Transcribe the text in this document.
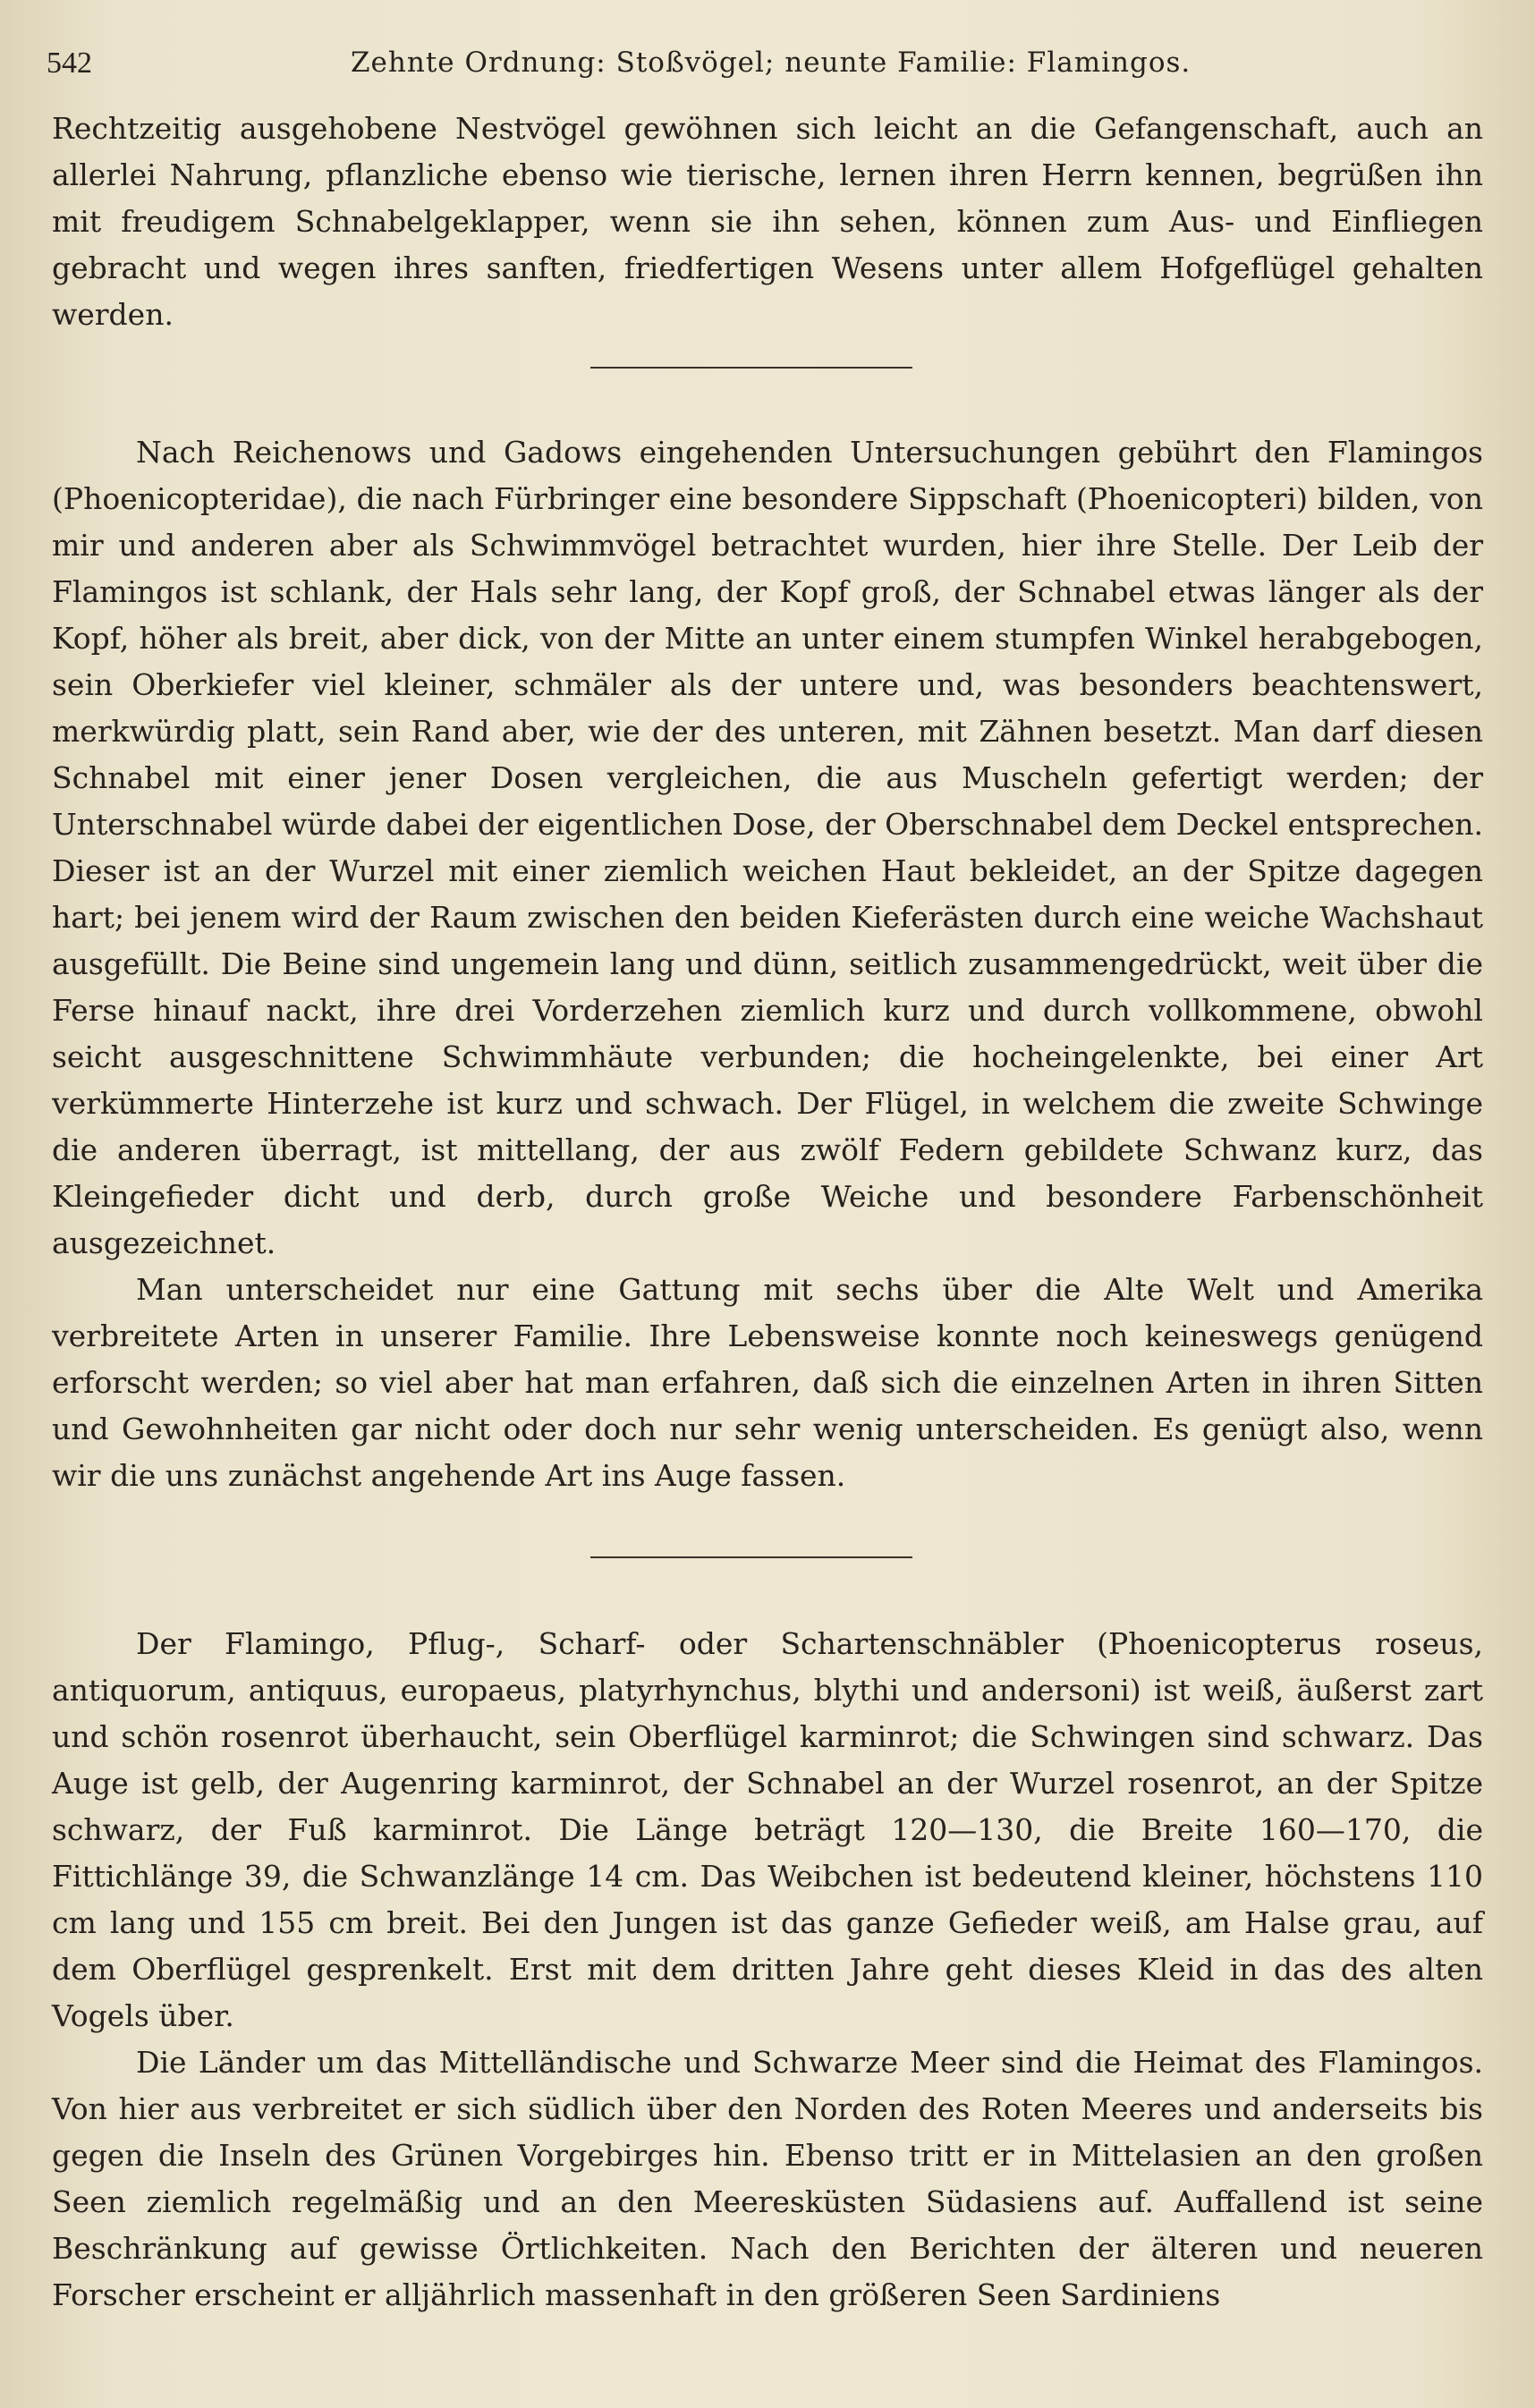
542	Zehnte Ordnung: Stoßvögel; neunte Familie: Flamingos.

Rechtzeitig ausgehobene Nestvögel gewöhnen sich leicht an die Gefangenschaft, auch an allerlei Nahrung, pflanzliche ebenso wie tierische, lernen ihren Herrn kennen, begrüßen ihn mit freudigem Schnabelgeklapper, wenn sie ihn sehen, können zum Aus- und Einfliegen gebracht und wegen ihres sanften, friedfertigen Wesens unter allem Hofgeflügel gehalten werden.

Nach Reichenows und Gadows eingehenden Untersuchungen gebührt den Flamingos (Phoenicopteridae), die nach Fürbringer eine besondere Sippschaft (Phoenicopteri) bilden, von mir und anderen aber als Schwimmvögel betrachtet wurden, hier ihre Stelle. Der Leib der Flamingos ist schlank, der Hals sehr lang, der Kopf groß, der Schnabel etwas länger als der Kopf, höher als breit, aber dick, von der Mitte an unter einem stumpfen Winkel herabgebogen, sein Oberkiefer viel kleiner, schmäler als der untere und, was besonders beachtenswert, merkwürdig platt, sein Rand aber, wie der des unteren, mit Zähnen besetzt. Man darf diesen Schnabel mit einer jener Dosen vergleichen, die aus Muscheln gefertigt werden; der Unterschnabel würde dabei der eigentlichen Dose, der Oberschnabel dem Deckel entsprechen. Dieser ist an der Wurzel mit einer ziemlich weichen Haut bekleidet, an der Spitze dagegen hart; bei jenem wird der Raum zwischen den beiden Kieferästen durch eine weiche Wachshaut ausgefüllt. Die Beine sind ungemein lang und dünn, seitlich zusammengedrückt, weit über die Ferse hinauf nackt, ihre drei Vorderzehen ziemlich kurz und durch vollkommene, obwohl seicht ausgeschnittene Schwimmhäute verbunden; die hocheingelenkte, bei einer Art verkümmerte Hinterzehe ist kurz und schwach. Der Flügel, in welchem die zweite Schwinge die anderen überragt, ist mittellang, der aus zwölf Federn gebildete Schwanz kurz, das Kleingefieder dicht und derb, durch große Weiche und besondere Farbenschönheit ausgezeichnet.

Man unterscheidet nur eine Gattung mit sechs über die Alte Welt und Amerika verbreitete Arten in unserer Familie. Ihre Lebensweise konnte noch keineswegs genügend erforscht werden; so viel aber hat man erfahren, daß sich die einzelnen Arten in ihren Sitten und Gewohnheiten gar nicht oder doch nur sehr wenig unterscheiden. Es genügt also, wenn wir die uns zunächst angehende Art ins Auge fassen.

Der Flamingo, Pflug-, Scharf- oder Schartenschnäbler (Phoenicopterus roseus, antiquorum, antiquus, europaeus, platyrhynchus, blythi und andersoni) ist weiß, äußerst zart und schön rosenrot überhaucht, sein Oberflügel karminrot; die Schwingen sind schwarz. Das Auge ist gelb, der Augenring karminrot, der Schnabel an der Wurzel rosenrot, an der Spitze schwarz, der Fuß karminrot. Die Länge beträgt 120—130, die Breite 160—170, die Fittichlänge 39, die Schwanzlänge 14 cm. Das Weibchen ist bedeutend kleiner, höchstens 110 cm lang und 155 cm breit. Bei den Jungen ist das ganze Gefieder weiß, am Halse grau, auf dem Oberflügel gesprenkelt. Erst mit dem dritten Jahre geht dieses Kleid in das des alten Vogels über.

Die Länder um das Mittelländische und Schwarze Meer sind die Heimat des Flamingos. Von hier aus verbreitet er sich südlich über den Norden des Roten Meeres und anderseits bis gegen die Inseln des Grünen Vorgebirges hin. Ebenso tritt er in Mittelasien an den großen Seen ziemlich regelmäßig und an den Meeresküsten Südasiens auf. Auffallend ist seine Beschränkung auf gewisse Örtlichkeiten. Nach den Berichten der älteren und neueren Forscher erscheint er alljährlich massenhaft in den größeren Seen Sardiniens
